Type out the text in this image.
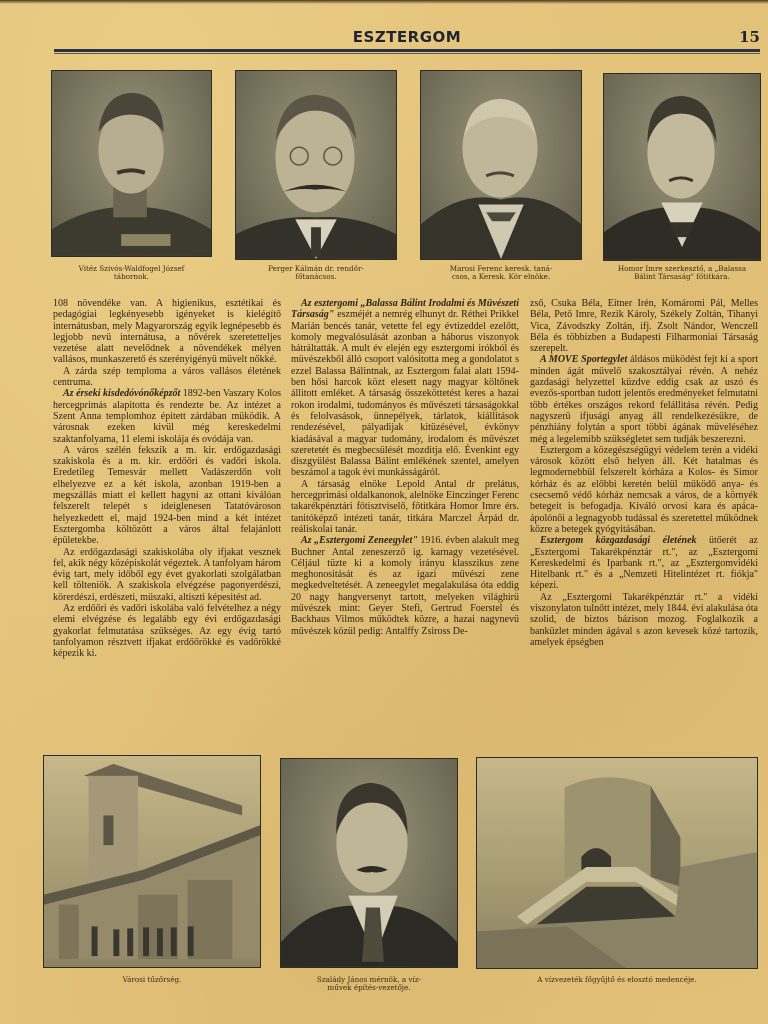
ESZTERGOM	15
Vitéz Szivós-Waldfogel József
tábornok.
Perger Kálmán dr. rendőr-
főtanácsos.
Marosi Ferenc keresk. taná-
csos, a Keresk. Kör elnöke.
Homor Imre szerkesztő, a „Balassa
Bálint Társaság" főtitkára.

108 növendéke van. A higienikus, esztétikai és pedagógiai legkényesebb igényeket is kielégítő internátusban, mely Magyarország egyik legnépesebb és legjobb nevü internátusa, a nővérek szeretetteljes vezetése alatt nevelődnek a növendékek mélyen vallásos, munkaszerető és szerényigényü müvelt nőkké.

A zárda szép temploma a város vallásos életének centruma.

Az érseki kisdedóvónőképzőt 1892-ben Vaszary Kolos hercegprimás alapitotta és rendezte be. Az intézet a Szent Anna templomhoz épitett zárdában müködik. A városnak ezeken kivül még kereskedelmi szaktanfolyama, 11 elemi iskolája és ovódája van.

A város szélén fekszik a m. kir. erdőgazdasági szakiskola és a m. kir. erdőőri és vadőri iskola. Eredetileg Temesvár mellett Vadászerdőn volt elhelyezve ez a két iskola, azonban 1919-ben a megszállás miatt el kellett hagyni az ottani kiválóan felszerelt telepét s ideiglenesen Tatatóvároson helyezkedett el, majd 1924-ben mind a két intézet Esztergomba költözött a város által felajánlott épületekbe.

Az erdőgazdasági szakiskolába oly ifjakat vesznek fel, akik négy középiskolát végeztek. A tanfolyam három évig tart, mely időből egy évet gyakorlati szolgálatban kell tölteniök. A szakiskola elvégzése pagonyerdészi, körerdészi, erdészeti, műszaki, altiszti képesitést ad.

Az erdőőri és vadőri iskolába való felvételhez a négy elemi elvégzése és legalább egy évi erdőgazdasági gyakorlat felmutatása szükséges. Az egy évig tartó tanfolyamon résztvett ifjakat erdőőrökké és vadőrökké képezik ki.

Az esztergomi „Balassa Bálint Irodalmi és Müvészeti Társaság" eszméjét a nemrég elhunyt dr. Réthei Prikkel Marián bencés tanár, vetette fel egy évtizeddel ezelőtt, komoly megvalósulását azonban a háborus viszonyok hátráltatták. A mult év elején egy esztergomi irókból és müvészekből álló csoport valósitotta meg a gondolatot s ezzel Balassa Bálintnak, az Esztergom falai alatt 1594-ben hősi harcok közt elesett nagy magyar költőnek állitott emléket. A társaság összeköttetést keres a hazai rokon irodalmi, tudományos és művészeti társaságokkal és felolvasások, ünnepélyek, tárlatok, kiállitások rendezésével, pályadijak kitüzésével, évkönyv kiadásával a magyar tudomány, irodalom és művészet szeretetét és megbecsülését mozditja elő. Évenkint egy diszgyülést Balassa Bálint emlékének szentel, amelyen beszámol a tagok évi munkásságáról.

A társaság elnöke Lepold Antal dr prelátus, hercegprimási oldalkanonok, alelnöke Einczinger Ferenc takarékpénztári főtisztviselő, főtitkára Homor Imre érs. tanitóképző intézeti tanár, titkára Marczel Árpád dr. reáliskolai tanár.

Az „Esztergomi Zeneegylet" 1916. évben alakult meg Buchner Antal zeneszerző ig. karnagy vezetésével. Céljául tüzte ki a komoly irányu klasszikus zene meghonositását és az igazi művészi zene megkedveltetését. A zeneegylet megalakulása óta eddig 20 nagy hangversenyt tartott, melyeken világhirü művészek mint: Geyer Stefi, Gertrud Foerstel és Backhaus Vilmos működtek közre, a hazai nagynevü művészek közül pedig: Antalffy Zsiross De-

zső, Csuka Béla, Eitner Irén, Komáromi Pál, Melles Béla, Pető Imre, Rezik Károly, Székely Zoltán, Tihanyi Vica, Závodszky Zoltán, ifj. Zsolt Nándor, Wenczell Béla és többizben a Budapesti Filharmoniai Társaság szerepelt.

A MOVE Sportegylet áldásos müködést fejt ki a sport minden ágát művelő szakosztályai révén. A nehéz gazdasági helyzettel küzdve eddig csak az uszó és evezős-sportban tudott jelentős eredményeket felmutatni több értékes országos rekord felállitása révén. Pedig nagyszerü ifjusági anyag áll rendelkezésükre, de pénzhiány folytán a sport többi ágának müveléséhez még a legelemibb szükségletet sem tudják beszerezni.

Esztergom a közegészségügyi védelem terén a vidéki városok között első helyen áll. Két hatalmas és legmodernebbül felszerelt kórháza a Kolos- és Simor kórház és az előbbi keretén belül működő anya- és csecsemő védő kórház nemcsak a város, de a környék betegeit is befogadja. Kiváló orvosi kara és apáca-ápolónői a legnagyobb tudással és szeretettel működnek közre a betegek gyógyitásában.

Esztergom közgazdasági életének ütőerét az „Esztergomi Takarékpénztár rt.", az „Esztergomi Kereskedelmi és Iparbank rt.", az „Esztergomvidéki Hitelbank rt." és a „Nemzeti Hitelintézet rt. fiókja" képezi.

Az „Esztergomi Takarékpénztár rt." a vidéki viszonylaton tulnőtt intézet, mely 1844. évi alakulása óta szolid, de biztos bázison mozog. Foglalkozik a banküzlet minden ágával s azon kevesek közé tartozik, amelyek épségben

Városi tűzőrség.	Szalády János mérnök, a víz-
művek építés-vezetője.
A vízvezeték főgyűjtő és elosztó medencéje.
